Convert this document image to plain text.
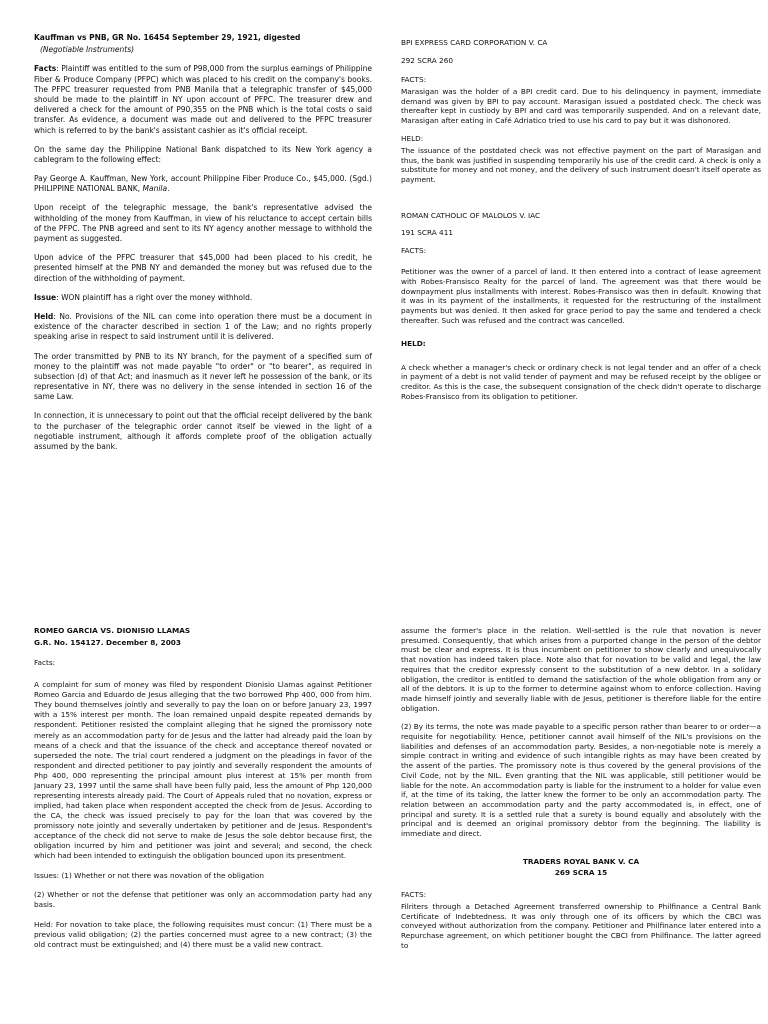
Kauffman vs PNB, GR No. 16454 September 29, 1921, digested

(Negotiable Instruments)

Facts: Plaintiff was entitled to the sum of P98,000 from the surplus earnings of Philippine Fiber & Produce Company (PFPC) which was placed to his credit on the company's books. The PFPC treasurer requested from PNB Manila that a telegraphic transfer of $45,000 should be made to the plaintiff in NY upon account of PFPC. The treasurer drew and delivered a check for the amount of P90,355 on the PNB which is the total costs o said transfer. As evidence, a document was made out and delivered to the PFPC treasurer which is referred to by the bank's assistant cashier as it's official receipt.

On the same day the Philippine National Bank dispatched to its New York agency a cablegram to the following effect:

Pay George A. Kauffman, New York, account Philippine Fiber Produce Co., $45,000. (Sgd.) PHILIPPINE NATIONAL BANK, Manila.

Upon receipt of the telegraphic message, the bank's representative advised the withholding of the money from Kauffman, in view of his reluctance to accept certain bills of the PFPC. The PNB agreed and sent to its NY agency another message to withhold the payment as suggested.

Upon advice of the PFPC treasurer that $45,000 had been placed to his credit, he presented himself at the PNB NY and demanded the money but was refused due to the direction of the withholding of payment.

Issue: WON plaintiff has a right over the money withhold.

Held: No. Provisions of the NIL can come into operation there must be a document in existence of the character described in section 1 of the Law; and no rights properly speaking arise in respect to said instrument until it is delivered.

The order transmitted by PNB to its NY branch, for the payment of a specified sum of money to the plaintiff was not made payable "to order" or "to bearer", as required in subsection (d) of that Act; and inasmuch as it never left he possession of the bank, or its representative in NY, there was no delivery in the sense intended in section 16 of the same Law.

In connection, it is unnecessary to point out that the official receipt delivered by the bank to the purchaser of the telegraphic order cannot itself be viewed in the light of a negotiable instrument, although it affords complete proof of the obligation actually assumed by the bank.

BPI EXPRESS CARD CORPORATION V. CA

292 SCRA 260

FACTS:

Marasigan was the holder of a BPI credit card. Due to his delinquency in payment, immediate demand was given by BPI to pay account. Marasigan issued a postdated check. The check was thereafter kept in custiody by BPI and card was temporarily suspended. And on a relevant date, Marasigan after eating in Café Adriatico tried to use his card to pay but it was dishonored.

HELD:

The issuance of the postdated check was not effective payment on the part of Marasigan and thus, the bank was justified in suspending temporarily his use of the credit card. A check is only a substitute for money and not money, and the delivery of such instrument doesn't itself operate as payment.

ROMAN CATHOLIC OF MALOLOS V. IAC

191 SCRA 411

FACTS:

Petitioner was the owner of a parcel of land. It then entered into a contract of lease agreement with Robes-Fransisco Realty for the parcel of land. The agreement was that there would be downpayment plus installments with interest. Robes-Fransisco was then in default. Knowing that it was in its payment of the installments, it requested for the restructuring of the installment payments but was denied. It then asked for grace period to pay the same and tendered a check thereafter. Such was refused and the contract was cancelled.

HELD:

A check whether a manager's check or ordinary check is not legal tender and an offer of a check in payment of a debt is not valid tender of payment and may be refused receipt by the obligee or creditor. As this is the case, the subsequent consignation of the check didn't operate to discharge Robes-Fransisco from its obligation to petitioner.

ROMEO GARCIA VS. DIONISIO LLAMAS

G.R. No. 154127. December 8, 2003

Facts:

A complaint for sum of money was filed by respondent Dionisio Llamas against Petitioner Romeo Garcia and Eduardo de Jesus alleging that the two borrowed Php 400, 000 from him. They bound themselves jointly and severally to pay the loan on or before January 23, 1997 with a 15% interest per month. The loan remained unpaid despite repeated demands by respondent. Petitioner resisted the complaint alleging that he signed the promissory note merely as an accommodation party for de Jesus and the latter had already paid the loan by means of a check and that the issuance of the check and acceptance thereof novated or superseded the note. The trial court rendered a judgment on the pleadings in favor of the respondent and directed petitioner to pay jointly and severally respondent the amounts of Php 400, 000 representing the principal amount plus interest at 15% per month from January 23, 1997 until the same shall have been fully paid, less the amount of Php 120,000 representing interests already paid. The Court of Appeals ruled that no novation, express or implied, had taken place when respondent accepted the check from de Jesus. According to the CA, the check was issued precisely to pay for the loan that was covered by the promissory note jointly and severally undertaken by petitioner and de Jesus. Respondent's acceptance of the check did not serve to make de Jesus the sole debtor because first, the obligation incurred by him and petitioner was joint and several; and second, the check which had been intended to extinguish the obligation bounced upon its presentment.

Issues: (1) Whether or not there was novation of the obligation

(2) Whether or not the defense that petitioner was only an accommodation party had any basis.

Held: For novation to take place, the following requisites must concur: (1) There must be a previous valid obligation; (2) the parties concerned must agree to a new contract; (3) the old contract must be extinguished; and (4) there must be a valid new contract.

assume the former's place in the relation. Well-settled is the rule that novation is never presumed. Consequently, that which arises from a purported change in the person of the debtor must be clear and express. It is thus incumbent on petitioner to show clearly and unequivocally that novation has indeed taken place. Note also that for novation to be valid and legal, the law requires that the creditor expressly consent to the substitution of a new debtor. In a solidary obligation, the creditor is entitled to demand the satisfaction of the whole obligation from any or all of the debtors. It is up to the former to determine against whom to enforce collection. Having made himself jointly and severally liable with de Jesus, petitioner is therefore liable for the entire obligation.

(2) By its terms, the note was made payable to a specific person rather than bearer to or order—a requisite for negotiability. Hence, petitioner cannot avail himself of the NIL's provisions on the liabilities and defenses of an accommodation party. Besides, a non-negotiable note is merely a simple contract in writing and evidence of such intangible rights as may have been created by the assent of the parties. The promissory note is thus covered by the general provisions of the Civil Code, not by the NIL. Even granting that the NIL was applicable, still petitioner would be liable for the note. An accommodation party is liable for the instrument to a holder for value even if, at the time of its taking, the latter knew the former to be only an accommodation party. The relation between an accommodation party and the party accommodated is, in effect, one of principal and surety. It is a settled rule that a surety is bound equally and absolutely with the principal and is deemed an original promissory debtor from the beginning. The liability is immediate and direct.

TRADERS ROYAL BANK V. CA

269 SCRA 15

FACTS:

Filriters through a Detached Agreement transferred ownership to Philfinance a Central Bank Certificate of Indebtedness. It was only through one of its officers by which the CBCI was conveyed without authorization from the company. Petitioner and Philfinance later entered into a Repurchase agreement, on which petitioner bought the CBCI from Philfinance. The latter agreed to
